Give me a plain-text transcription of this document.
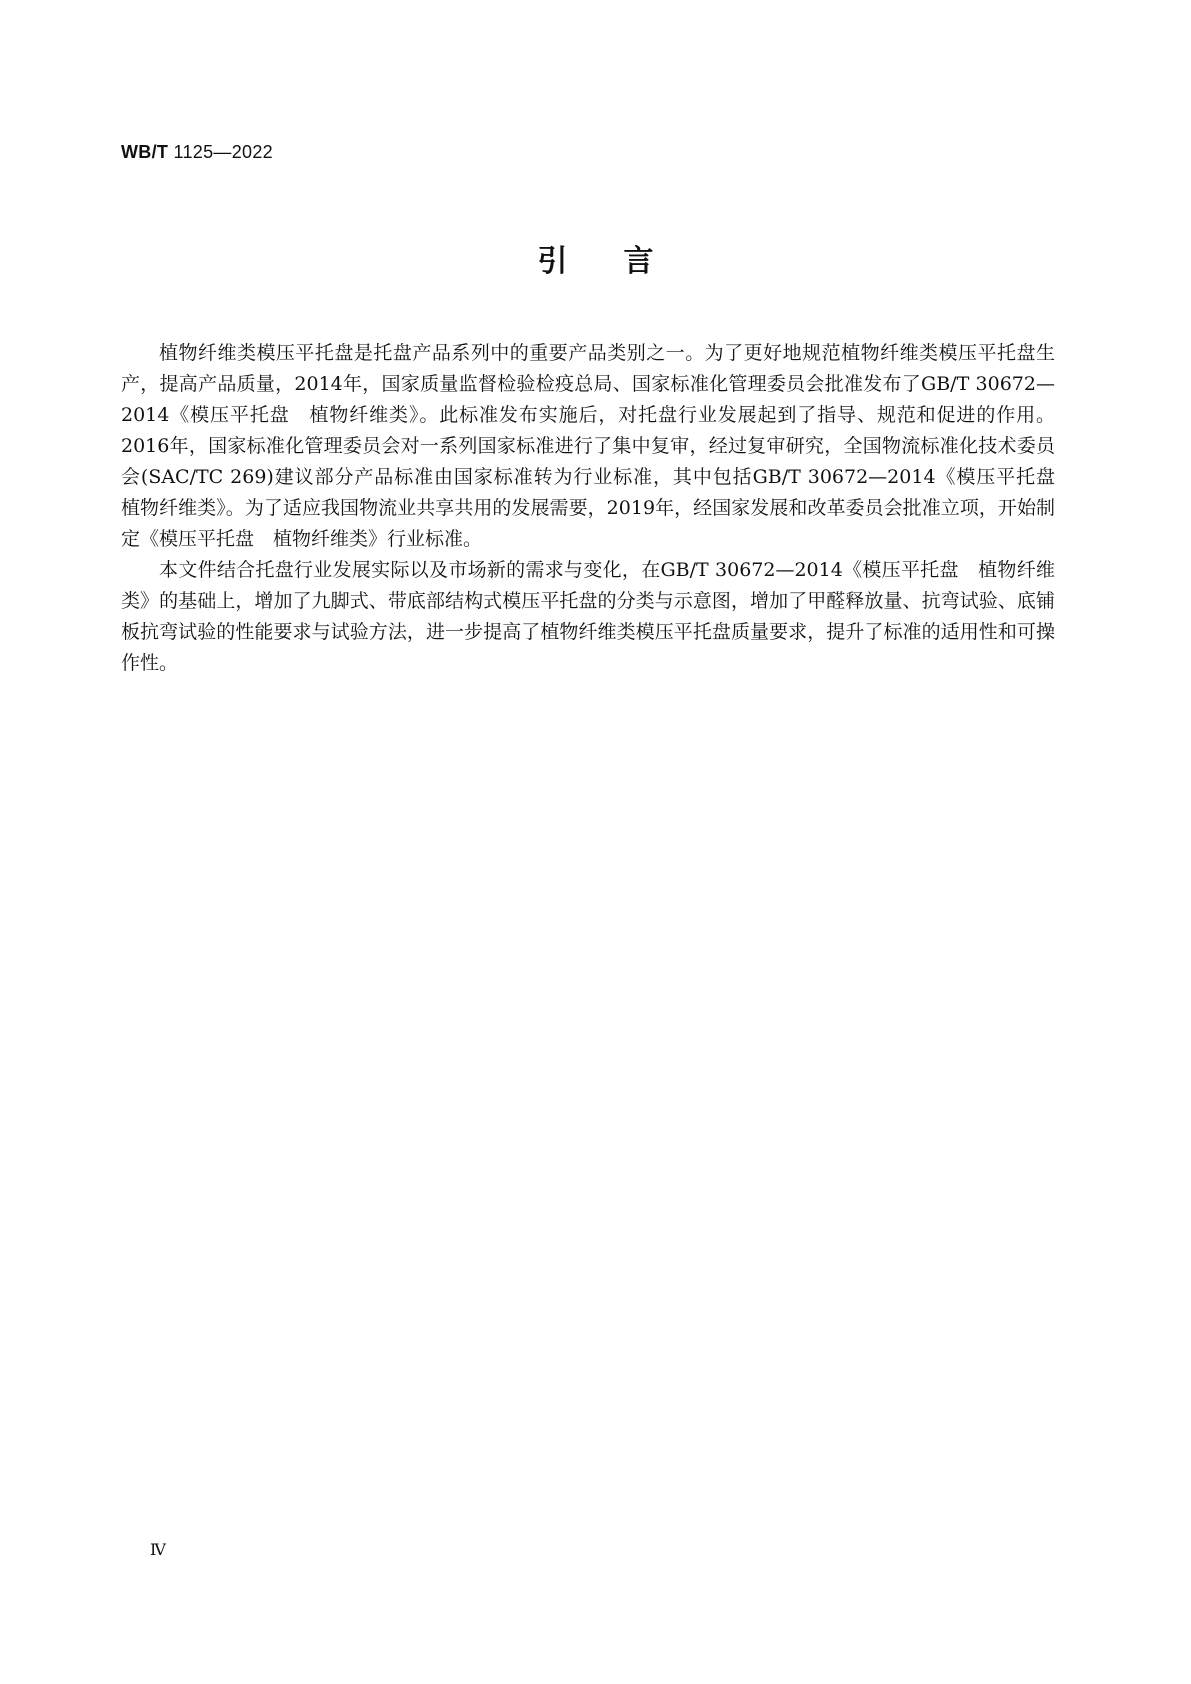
WB/T 1125—2022
引言

植物纤维类模压平托盘是托盘产品系列中的重要产品类别之一。为了更好地规范植物纤维类模压平托盘生产，提高产品质量，2014年，国家质量监督检验检疫总局、国家标准化管理委员会批准发布了GB/T 30672—2014《模压平托盘　植物纤维类》。此标准发布实施后，对托盘行业发展起到了指导、规范和促进的作用。2016年，国家标准化管理委员会对一系列国家标准进行了集中复审，经过复审研究，全国物流标准化技术委员会(SAC/TC 269)建议部分产品标准由国家标准转为行业标准，其中包括GB/T 30672—2014《模压平托盘　植物纤维类》。为了适应我国物流业共享共用的发展需要，2019年，经国家发展和改革委员会批准立项，开始制定《模压平托盘　植物纤维类》行业标准。

本文件结合托盘行业发展实际以及市场新的需求与变化，在GB/T 30672—2014《模压平托盘　植物纤维类》的基础上，增加了九脚式、带底部结构式模压平托盘的分类与示意图，增加了甲醛释放量、抗弯试验、底铺板抗弯试验的性能要求与试验方法，进一步提高了植物纤维类模压平托盘质量要求，提升了标准的适用性和可操作性。

Ⅳ
